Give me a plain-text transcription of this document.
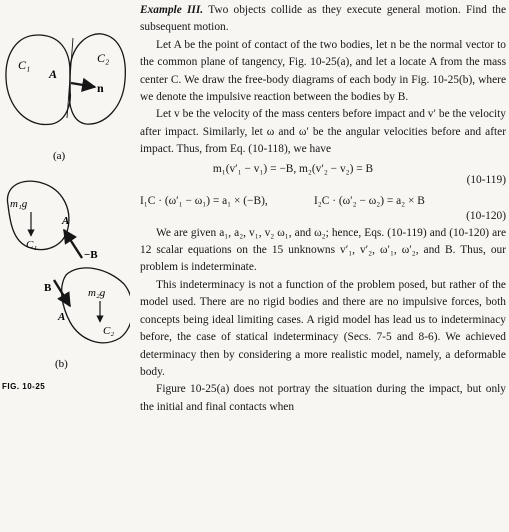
C₁	C₂
A
n
(a)
m₁g
C₁
A
−B
B	m₂g
A
C₂
(b)
FIG. 10-25

Example III. Two objects collide as they execute general motion. Find the subsequent motion.

Let A be the point of contact of the two bodies, let n be the normal vector to the common plane of tangency, Fig. 10-25(a), and let a locate A from the mass center C. We draw the free-body diagrams of each body in Fig. 10-25(b), where we denote the impulsive reaction between the bodies by B.

Let v be the velocity of the mass centers before impact and v′ be the velocity after impact. Similarly, let ω and ω′ be the angular velocities before and after impact. Thus, from Eq. (10-118), we have

m₁(v′₁ − v₁) = −B, m₂(v′₂ − v₂) = B
(10-119)
I₁C · (ω′₁ − ω₁) = a₁ × (−B),	I₂C · (ω′₂ − ω₂) = a₂ × B
(10-120)

We are given a₁, a₂, v₁, v₂ ω₁, and ω₂; hence, Eqs. (10-119) and (10-120) are 12 scalar equations on the 15 unknowns v′₁, v′₂, ω′₁, ω′₂, and B. Thus, our problem is indeterminate.

This indeterminacy is not a function of the problem posed, but rather of the model used. There are no rigid bodies and there are no impulsive forces, both concepts being ideal limiting cases. A rigid model has lead us to indeterminacy before, the case of statical indeterminacy (Secs. 7-5 and 8-6). We achieved determinacy then by considering a more realistic model, namely, a deformable body.

Figure 10-25(a) does not portray the situation during the impact, but only the initial and final contacts when
